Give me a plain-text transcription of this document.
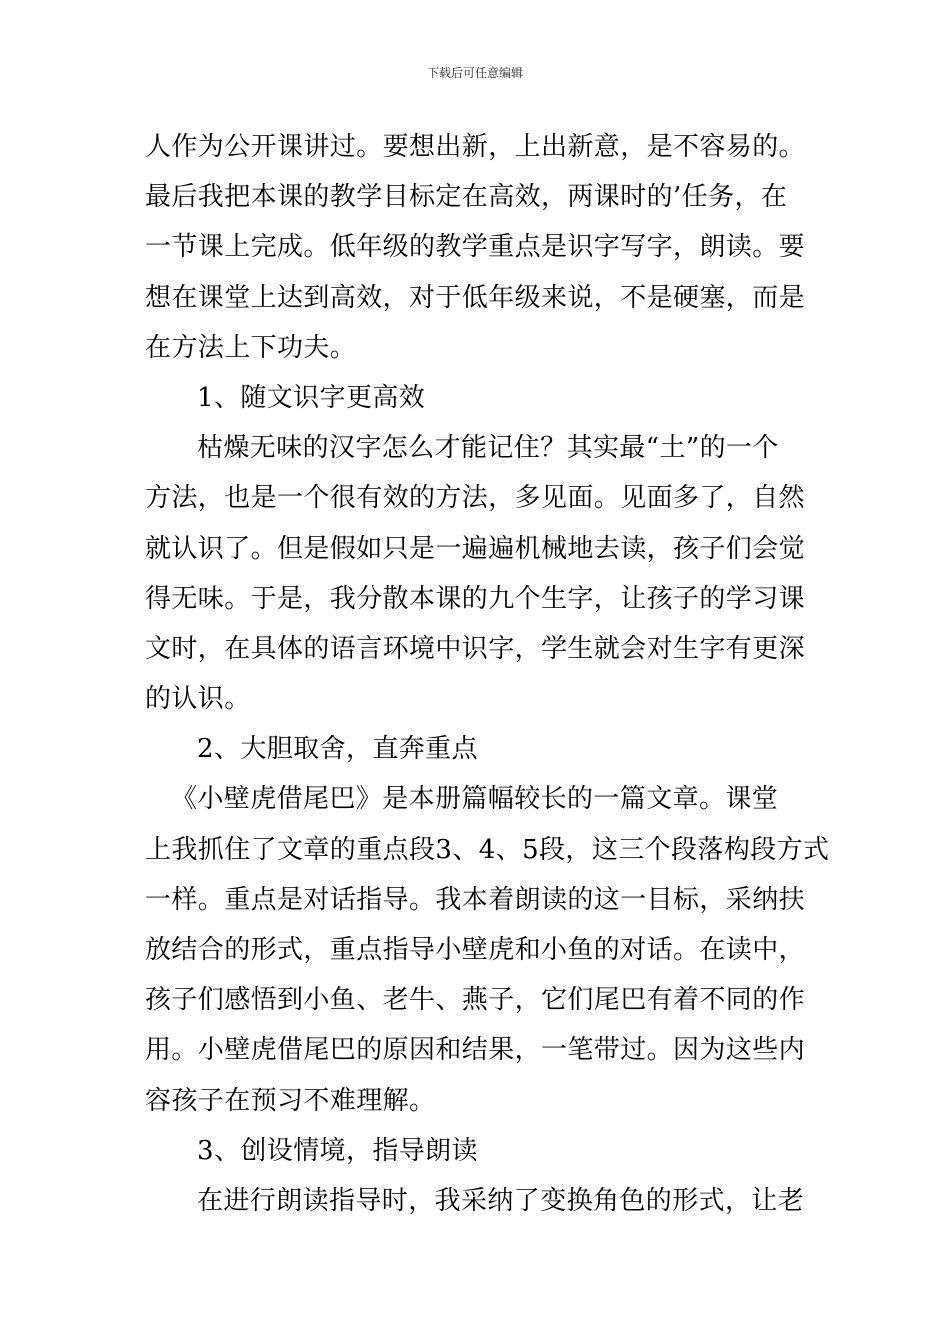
下载后可任意编辑
人作为公开课讲过。要想出新，上出新意，是不容易的。
最后我把本课的教学目标定在高效，两课时的’任务，在
一节课上完成。低年级的教学重点是识字写字，朗读。要
想在课堂上达到高效，对于低年级来说，不是硬塞，而是
在方法上下功夫。
1、随文识字更高效
枯燥无味的汉字怎么才能记住？其实最“土”的一个
方法，也是一个很有效的方法，多见面。见面多了，自然
就认识了。但是假如只是一遍遍机械地去读，孩子们会觉
得无味。于是，我分散本课的九个生字，让孩子的学习课
文时，在具体的语言环境中识字，学生就会对生字有更深
的认识。
2、大胆取舍，直奔重点
《小壁虎借尾巴》是本册篇幅较长的一篇文章。课堂
上我抓住了文章的重点段3、4、5段，这三个段落构段方式
一样。重点是对话指导。我本着朗读的这一目标，采纳扶
放结合的形式，重点指导小壁虎和小鱼的对话。在读中，
孩子们感悟到小鱼、老牛、燕子，它们尾巴有着不同的作
用。小壁虎借尾巴的原因和结果，一笔带过。因为这些内
容孩子在预习不难理解。
3、创设情境，指导朗读
在进行朗读指导时，我采纳了变换角色的形式，让老
